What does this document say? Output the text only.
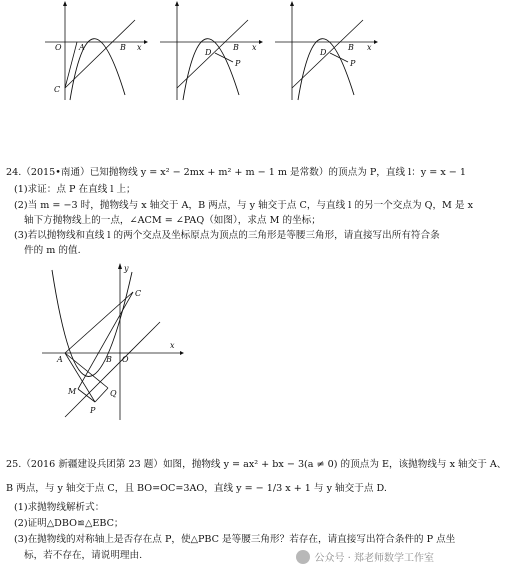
O A	B
C
x
D
P
B x
D
P
B x
24.（2015•南通）已知抛物线 y = x² − 2mx + m² + m − 1 m 是常数）的顶点为 P，直线 l：y = x − 1
(1)求证：点 P 在直线 l 上；
(2)当 m = −3 时，抛物线与 x 轴交于 A，B 两点，与 y 轴交于点 C，与直线 l 的另一个交点为 Q，M 是 x
轴下方抛物线上的一点，∠ACM = ∠PAQ（如图），求点 M 的坐标；
(3)若以抛物线和直线 l 的两个交点及坐标原点为顶点的三角形是等腰三角形，请直接写出所有符合条
件的 m 的值.
y
C
x
A	B O
M	Q
P
25.（2016 新疆建设兵团第 23 题）如图，抛物线 y = ax² + bx − 3(a ≠ 0) 的顶点为 E，该抛物线与 x 轴交于 A、
B 两点，与 y 轴交于点 C，且 BO=OC=3AO，直线 y = − 1/3 x + 1 与 y 轴交于点 D.
(1)求抛物线解析式：
(2)证明△DBO≌△EBC；
(3)在抛物线的对称轴上是否存在点 P，使△PBC 是等腰三角形？若存在，请直接写出符合条件的 P 点坐
标，若不存在，请说明理由.	公众号 · 郑老师数学工作室
